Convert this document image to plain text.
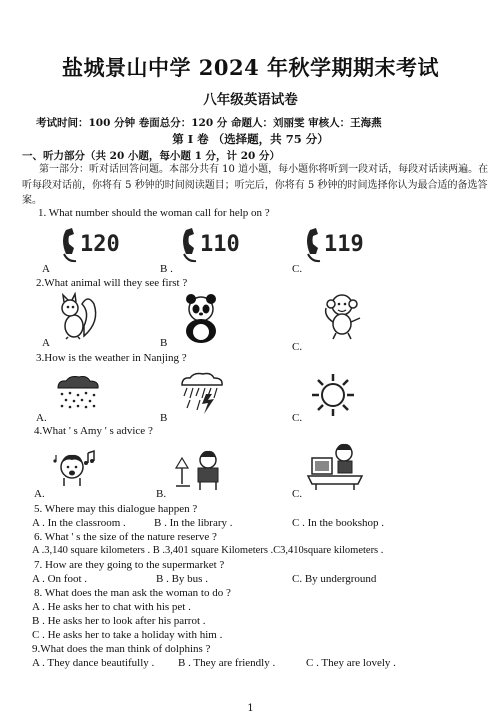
盐城景山中学 2024 年秋学期期末考试
八年级英语试卷
考试时间：100 分钟 卷面总分：120 分 命题人：刘丽雯 审核人：王海燕
第 I 卷 （选择题，共 75 分）
一、听力部分（共 20 小题，每小题 1 分，计 20 分）
第一部分：听对话回答问题。本部分共有 10 道小题，每小题你将听到一段对话，每段对话读两遍。在听每段对话前，你将有 5 秒钟的时间阅读题目；听完后，你将有 5 秒钟的时间选择你认为最合适的备选答案。
1. What number should the woman call for help on ?
120	110	119
A	B .	C.
2.What animal will they see first ?
A	B	C.
3.How is the weather in Nanjing ?
A.	B	C.
4.What ' s Amy ' s advice ?
A.	B.	C.
5. Where may this dialogue happen ?
A . In the classroom .	B . In the library .	C . In the bookshop .
6. What ' s the size of the nature reserve ?
A .3,140 square kilometers . B .3,401 square Kilometers .C3,410square kilometers .
7. How are they going to the supermarket ?
A . On foot .	B . By bus .	C. By underground
8. What does the man ask the woman to do ?
A . He asks her to chat with his pet .
B . He asks her to look after his parrot .
C . He asks her to take a holiday with him .
9.What does the man think of dolphins ?
A . They dance beautifully . B . They are friendly .	C . They are lovely .
1
